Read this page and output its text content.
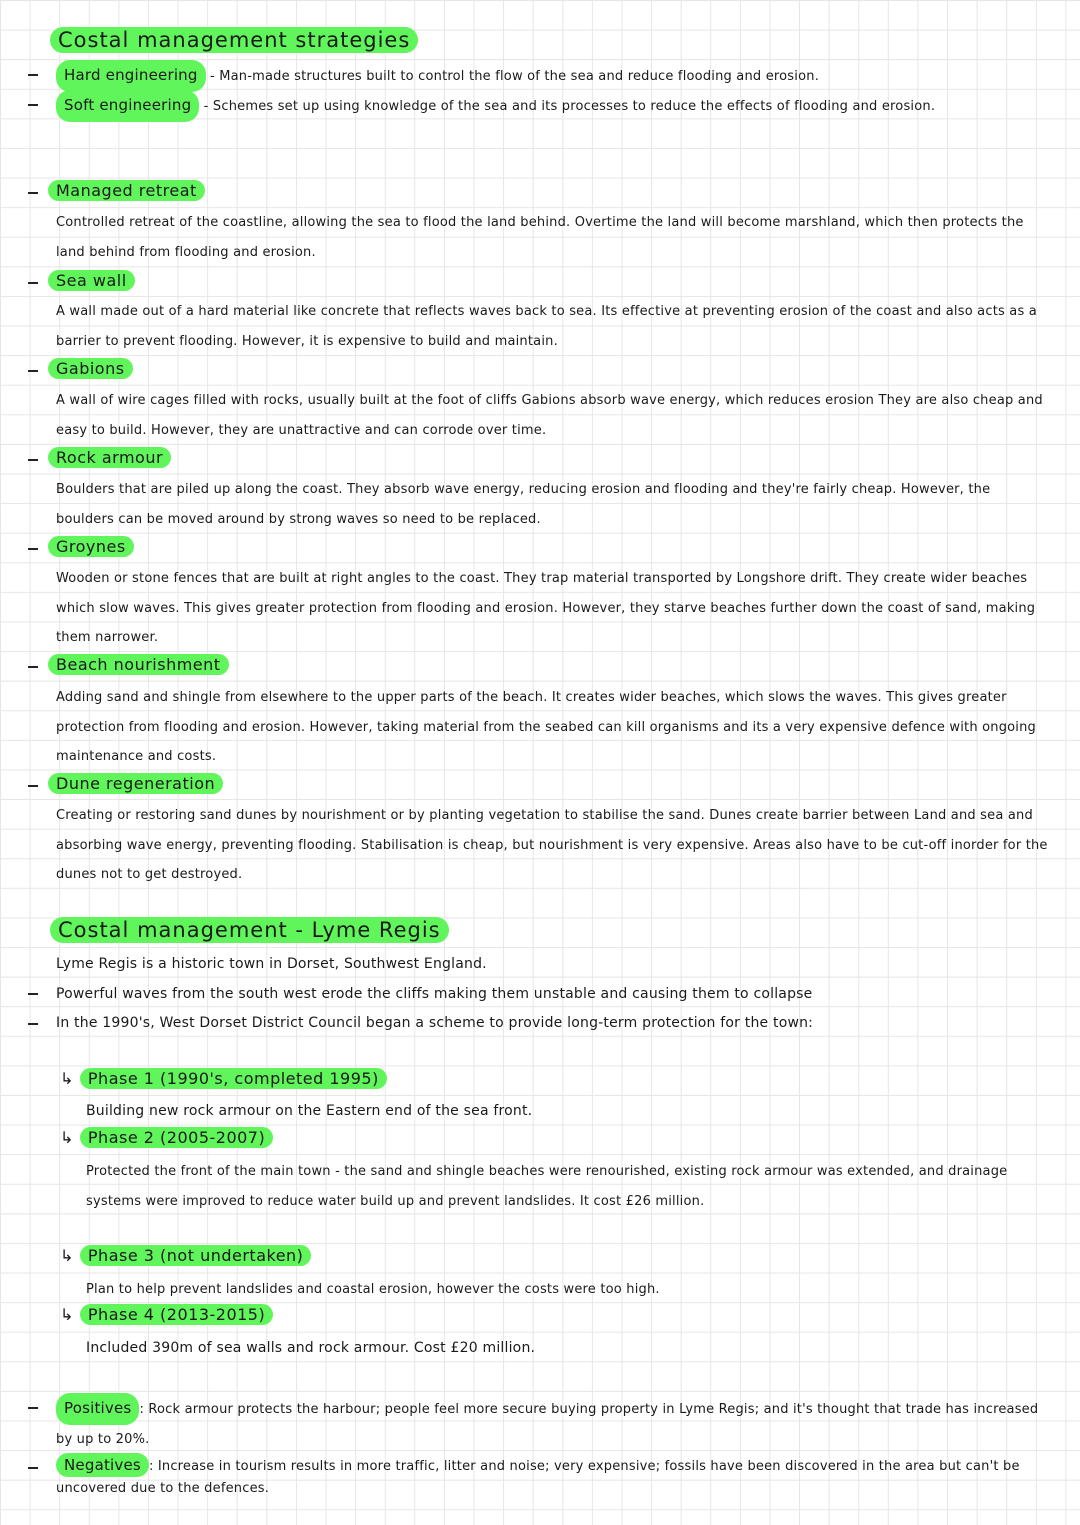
Costal management strategies
Hard engineering - Man-made structures built to control the flow of the sea and reduce flooding and erosion.
Soft engineering - Schemes set up using knowledge of the sea and its processes to reduce the effects of flooding and erosion.
Managed retreat
Controlled retreat of the coastline, allowing the sea to flood the land behind. Overtime the land will become marshland, which then protects the land behind from flooding and erosion.
Sea wall
A wall made out of a hard material like concrete that reflects waves back to sea. Its effective at preventing erosion of the coast and also acts as a barrier to prevent flooding. However, it is expensive to build and maintain.
Gabions
A wall of wire cages filled with rocks, usually built at the foot of cliffs Gabions absorb wave energy, which reduces erosion They are also cheap and easy to build. However, they are unattractive and can corrode over time.
Rock armour
Boulders that are piled up along the coast. They absorb wave energy, reducing erosion and flooding and they're fairly cheap. However, the boulders can be moved around by strong waves so need to be replaced.
Groynes
Wooden or stone fences that are built at right angles to the coast. They trap material transported by Longshore drift. They create wider beaches which slow waves. This gives greater protection from flooding and erosion. However, they starve beaches further down the coast of sand, making them narrower.
Beach nourishment
Adding sand and shingle from elsewhere to the upper parts of the beach. It creates wider beaches, which slows the waves. This gives greater protection from flooding and erosion. However, taking material from the seabed can kill organisms and its a very expensive defence with ongoing maintenance and costs.
Dune regeneration
Creating or restoring sand dunes by nourishment or by planting vegetation to stabilise the sand. Dunes create barrier between Land and sea and absorbing wave energy, preventing flooding. Stabilisation is cheap, but nourishment is very expensive. Areas also have to be cut-off inorder for the dunes not to get destroyed.
Costal management - Lyme Regis
Lyme Regis is a historic town in Dorset, Southwest England.
Powerful waves from the south west erode the cliffs making them unstable and causing them to collapse
In the 1990's, West Dorset District Council began a scheme to provide long-term protection for the town:
↳ Phase 1 (1990's, completed 1995)
Building new rock armour on the Eastern end of the sea front.
↳ Phase 2 (2005-2007)
Protected the front of the main town - the sand and shingle beaches were renourished, existing rock armour was extended, and drainage systems were improved to reduce water build up and prevent landslides. It cost £26 million.
↳ Phase 3 (not undertaken)
Plan to help prevent landslides and coastal erosion, however the costs were too high.
↳ Phase 4 (2013-2015)
Included 390m of sea walls and rock armour. Cost £20 million.
Positives : Rock armour protects the harbour; people feel more secure buying property in Lyme Regis; and it's thought that trade has increased by up to 20%.
Negatives : Increase in tourism results in more traffic, litter and noise; very expensive; fossils have been discovered in the area but can't be uncovered due to the defences.
